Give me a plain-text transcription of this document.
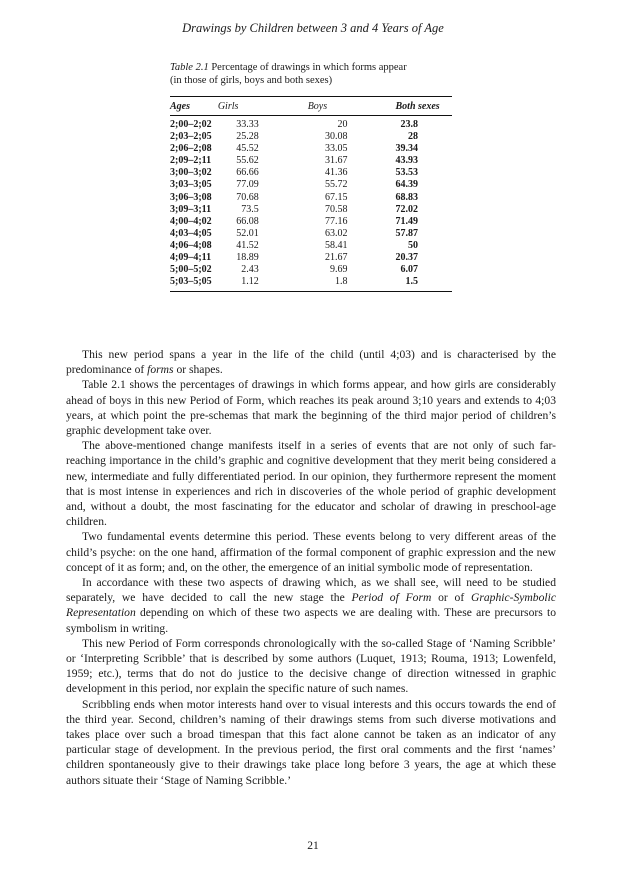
Drawings by Children between 3 and 4 Years of Age
Table 2.1 Percentage of drawings in which forms appear
(in those of girls, boys and both sexes)
Ages	Girls	Boys	Both sexes
2;00–2;02	33.33	20	23.8
2;03–2;05	25.28	30.08	28
2;06–2;08	45.52	33.05	39.34
2;09–2;11	55.62	31.67	43.93
3;00–3;02	66.66	41.36	53.53
3;03–3;05	77.09	55.72	64.39
3;06–3;08	70.68	67.15	68.83
3;09–3;11	73.5	70.58	72.02
4;00–4;02	66.08	77.16	71.49
4;03–4;05	52.01	63.02	57.87
4;06–4;08	41.52	58.41	50
4;09–4;11	18.89	21.67	20.37
5;00–5;02	2.43	9.69	6.07
5;03–5;05	1.12	1.8	1.5

This new period spans a year in the life of the child (until 4;03) and is characterised by the predominance of forms or shapes.

Table 2.1 shows the percentages of drawings in which forms appear, and how girls are considerably ahead of boys in this new Period of Form, which reaches its peak around 3;10 years and extends to 4;03 years, at which point the pre-schemas that mark the beginning of the third major period of children’s graphic development take over.

The above-mentioned change manifests itself in a series of events that are not only of such far-reaching importance in the child’s graphic and cognitive development that they merit being considered a new, intermediate and fully differentiated period. In our opinion, they furthermore represent the moment that is most intense in experiences and rich in discoveries of the whole period of graphic development and, without a doubt, the most fascinating for the educator and scholar of drawing in preschool-age children.

Two fundamental events determine this period. These events belong to very different areas of the child’s psyche: on the one hand, affirmation of the formal component of graphic expression and the new concept of it as form; and, on the other, the emergence of an initial symbolic mode of representation.

In accordance with these two aspects of drawing which, as we shall see, will need to be studied separately, we have decided to call the new stage the Period of Form or of Graphic-Symbolic Representation depending on which of these two aspects we are dealing with. These are precursors to symbolism in writing.

This new Period of Form corresponds chronologically with the so-called Stage of ‘Naming Scribble’ or ‘Interpreting Scribble’ that is described by some authors (Luquet, 1913; Rouma, 1913; Lowenfeld, 1959; etc.), terms that do not do justice to the decisive change of direction witnessed in graphic development in this period, nor explain the specific nature of such names.

Scribbling ends when motor interests hand over to visual interests and this occurs towards the end of the third year. Second, children’s naming of their drawings stems from such diverse motivations and takes place over such a broad timespan that this fact alone cannot be taken as an indicator of any particular stage of development. In the previous period, the first oral comments and the first ‘names’ children spontaneously give to their drawings take place long before 3 years, the age at which these authors situate their ‘Stage of Naming Scribble.’

21
